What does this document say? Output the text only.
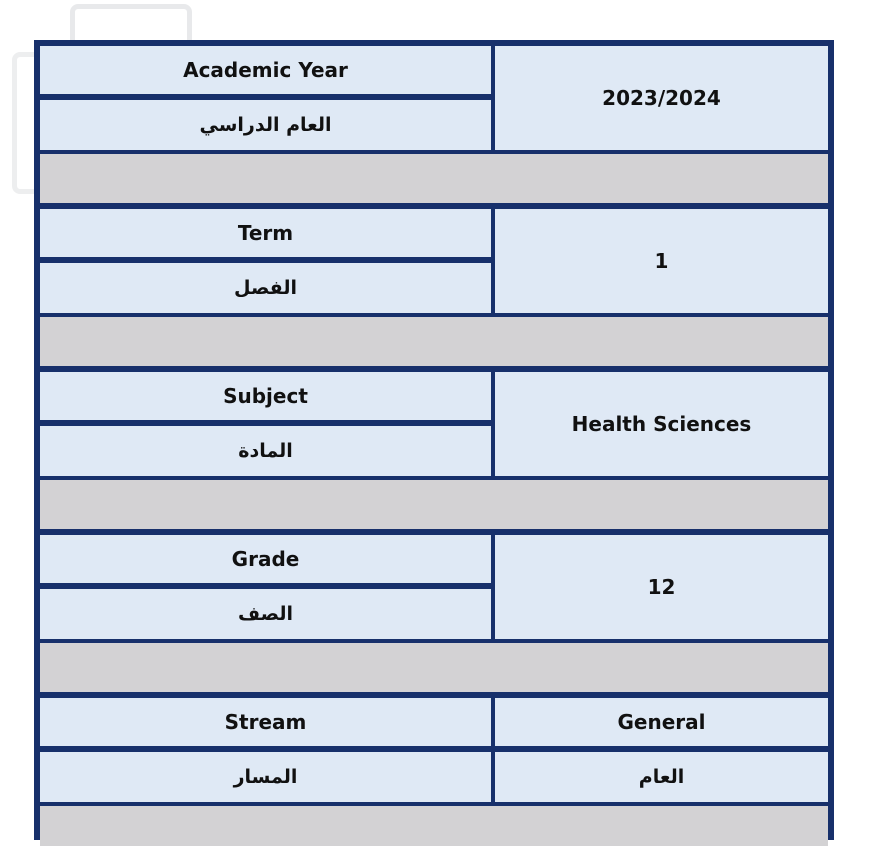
Academic Year
العام الدراسي
2023/2024
Term
الفصل
1
Subject
المادة
Health Sciences
Grade
الصف
12
Stream
المسار
General
العام
